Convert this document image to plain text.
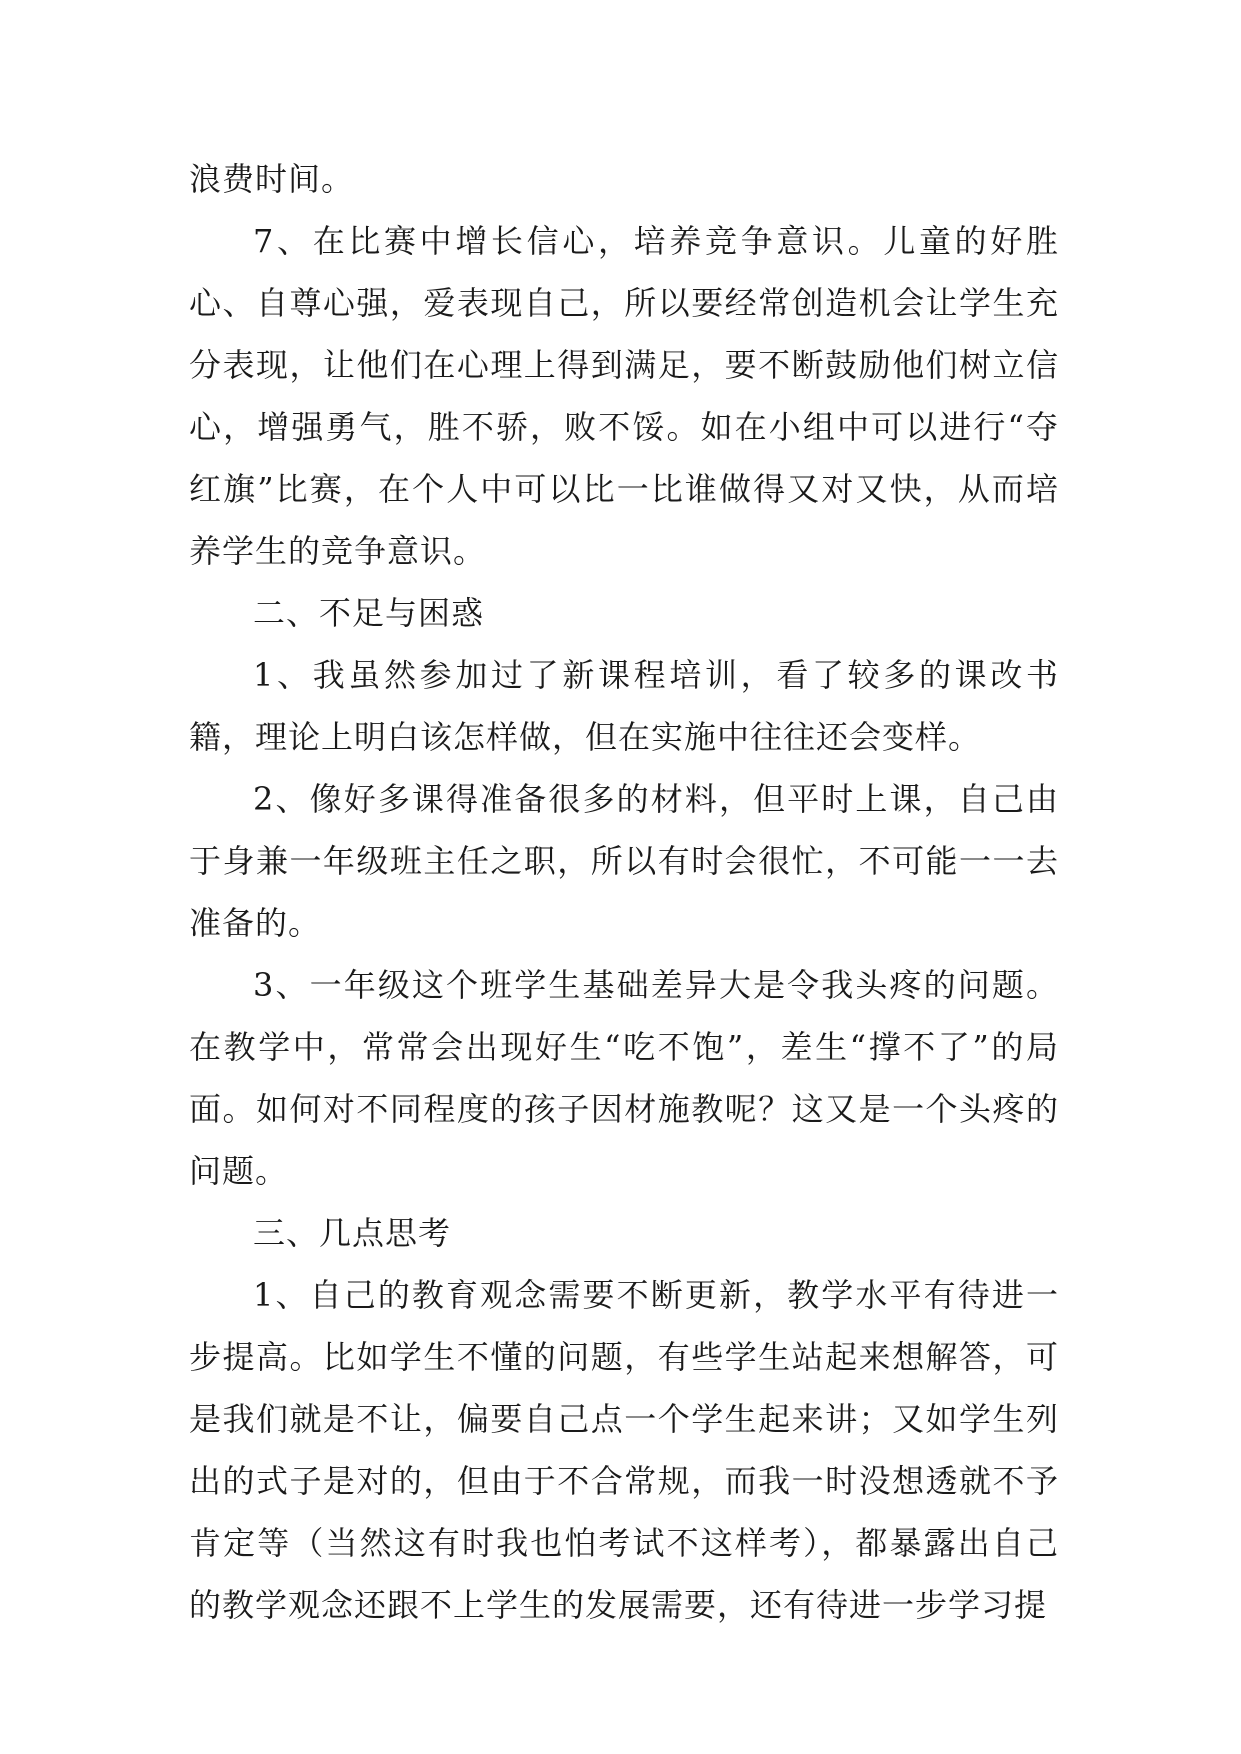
浪费时间。

7、在比赛中增长信心，培养竞争意识。儿童的好胜心、自尊心强，爱表现自己，所以要经常创造机会让学生充分表现，让他们在心理上得到满足，要不断鼓励他们树立信心，增强勇气，胜不骄，败不馁。如在小组中可以进行“夺红旗”比赛，在个人中可以比一比谁做得又对又快，从而培养学生的竞争意识。

二、不足与困惑

1、我虽然参加过了新课程培训，看了较多的课改书籍，理论上明白该怎样做，但在实施中往往还会变样。

2、像好多课得准备很多的材料，但平时上课，自己由于身兼一年级班主任之职，所以有时会很忙，不可能一一去准备的。

3、一年级这个班学生基础差异大是令我头疼的问题。在教学中，常常会出现好生“吃不饱”，差生“撑不了”的局面。如何对不同程度的孩子因材施教呢？这又是一个头疼的问题。

三、几点思考

1、自己的教育观念需要不断更新，教学水平有待进一步提高。比如学生不懂的问题，有些学生站起来想解答，可是我们就是不让，偏要自己点一个学生起来讲；又如学生列出的式子是对的，但由于不合常规，而我一时没想透就不予肯定等（当然这有时我也怕考试不这样考），都暴露出自己的教学观念还跟不上学生的发展需要，还有待进一步学习提
